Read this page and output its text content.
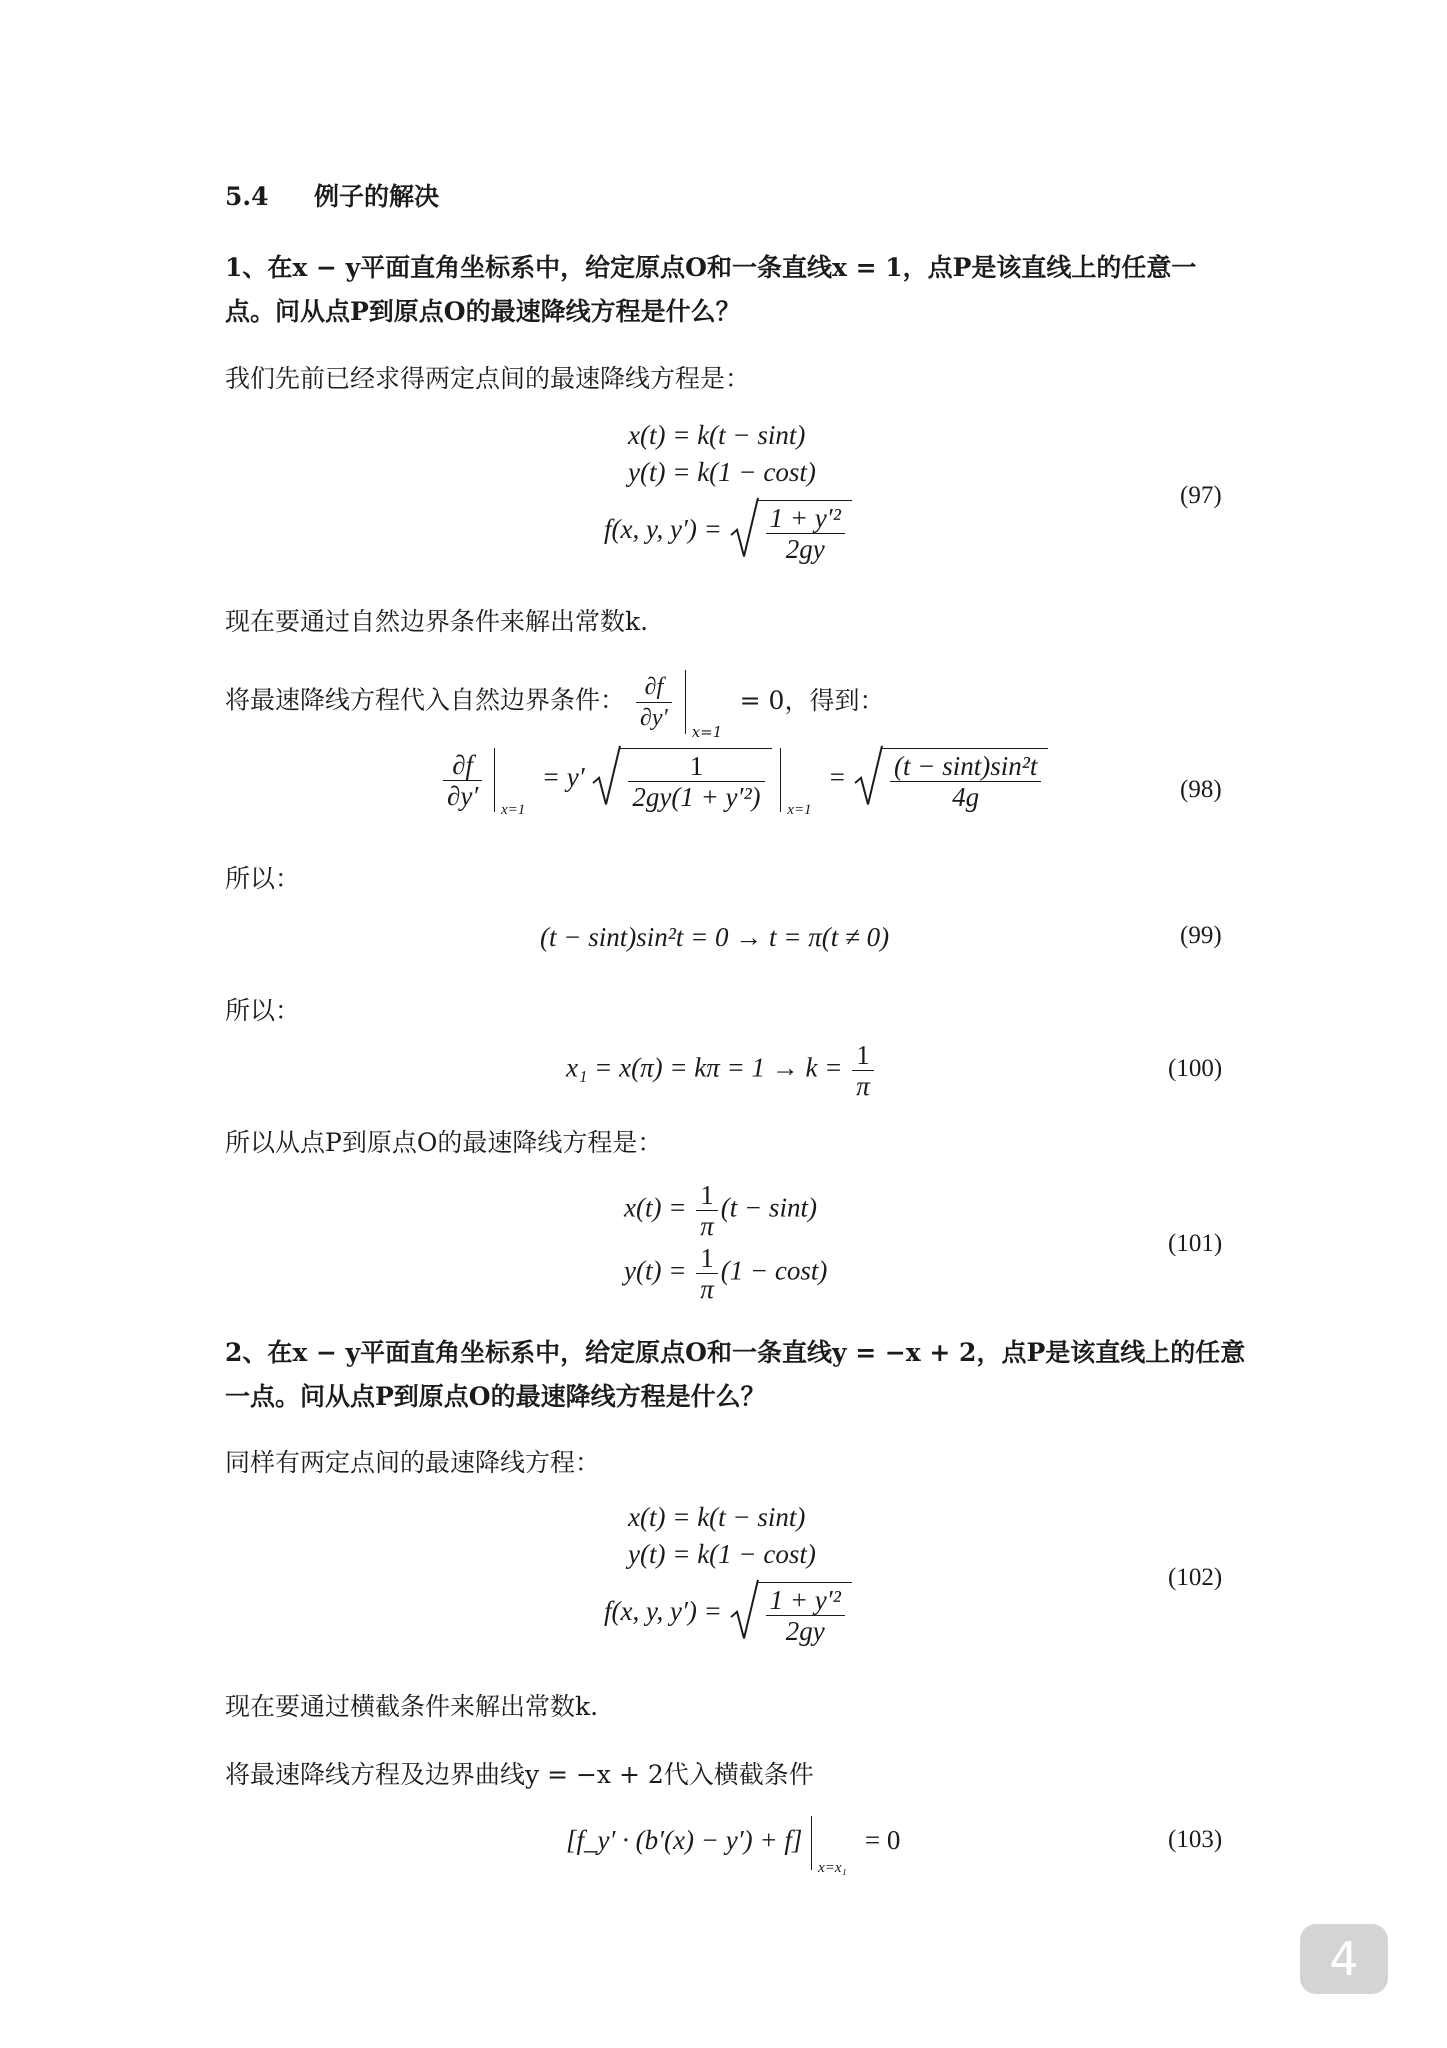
5.4 例子的解决
1、在x − y平面直角坐标系中，给定原点O和一条直线x = 1，点P是该直线上的任意一
点。问从点P到原点O的最速降线方程是什么？
我们先前已经求得两定点间的最速降线方程是：
x(t) = k(t − sint)
y(t) = k(1 − cost)
f(x, y, $y') = \frac{\text{1 + y′²}}{2gy}$
(97)
现在要通过自然边界条件来解出常数k.
将最速降线方程代入自然边界条件： $\frac{\partial f}{\partial y'}$
x=1
= 0，得到：
$\frac{\partial f}{\partial y'}$
x=1
= $y' \frac{1}{\text{2gy(1 + y′²)}}$
x=1
= $\frac{\text{(t − sint)sin²t}}{4g}$	(98)
所以：
(t − sint)sin²t = 0 → t = π(t ≠ 0)	(99)
所以：
$x_1 = x(\pi) = k\pi = 1 \to k = \frac{1}{\pi}$	(100)
所以从点P到原点O的最速降线方程是：
$x(t) = \frac{1}{\pi} (t - \sin t)$
$y(t) = \frac{1}{\pi} (1 - \cos t)$
(101)
2、在x − y平面直角坐标系中，给定原点O和一条直线y = −x + 2，点P是该直线上的任意
一点。问从点P到原点O的最速降线方程是什么？
同样有两定点间的最速降线方程：
x(t) = k(t − sint)
y(t) = k(1 − cost)
f(x, y, $y') = \frac{\text{1 + y′²}}{2gy}$
(102)
现在要通过横截条件来解出常数k.
将最速降线方程及边界曲线y = −x + 2代入横截条件
[f_y′ · (b′(x) − y′) + f]
x=x₁
= 0	(103)
4
